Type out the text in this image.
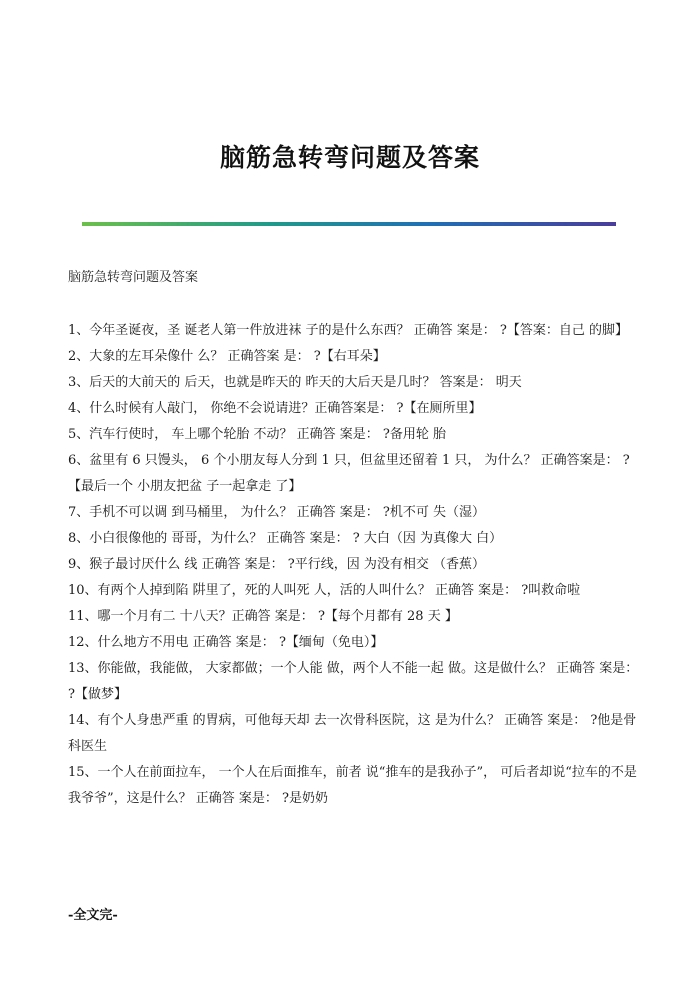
脑筋急转弯问题及答案
脑筋急转弯问题及答案
1、今年圣诞夜，圣 诞老人第一件放进袜 子的是什么东西？ 正确答 案是： ?【答案：自己 的脚】
2、大象的左耳朵像什 么？ 正确答案 是： ?【右耳朵】
3、后天的大前天的 后天，也就是昨天的 昨天的大后天是几时？ 答案是： 明天
4、什么时候有人敲门， 你绝不会说请进？正确答案是： ?【在厕所里】
5、汽车行使时， 车上哪个轮胎 不动？ 正确答 案是： ?备用轮 胎
6、盆里有 6 只馒头， 6 个小朋友每人分到 1 只，但盆里还留着 1 只， 为什么？ 正确答案是： ?【最后一个 小朋友把盆 子一起拿走 了】
7、手机不可以调 到马桶里， 为什么？ 正确答 案是： ?机不可 失（湿）
8、小白很像他的 哥哥，为什么？ 正确答 案是： ? 大白（因 为真像大 白）
9、猴子最讨厌什么 线 正确答 案是： ?平行线，因 为没有相交 （香蕉）
10、有两个人掉到陷 阱里了，死的人叫死 人，活的人叫什么？ 正确答 案是： ?叫救命啦
11、哪一个月有二 十八天？正确答 案是： ?【每个月都有 28 天 】
12、什么地方不用电 正确答 案是： ?【缅甸（免电）】
13、你能做，我能做， 大家都做；一个人能 做，两个人不能一起 做。这是做什么？ 正确答 案是： ?【做梦】
14、有个人身患严重 的胃病，可他每天却 去一次骨科医院，这 是为什么？ 正确答 案是： ?他是骨 科医生
15、一个人在前面拉车， 一个人在后面推车，前者 说“推车的是我孙子”， 可后者却说“拉车的不是 我爷爷”，这是什么？ 正确答 案是： ?是奶奶
-全文完-
